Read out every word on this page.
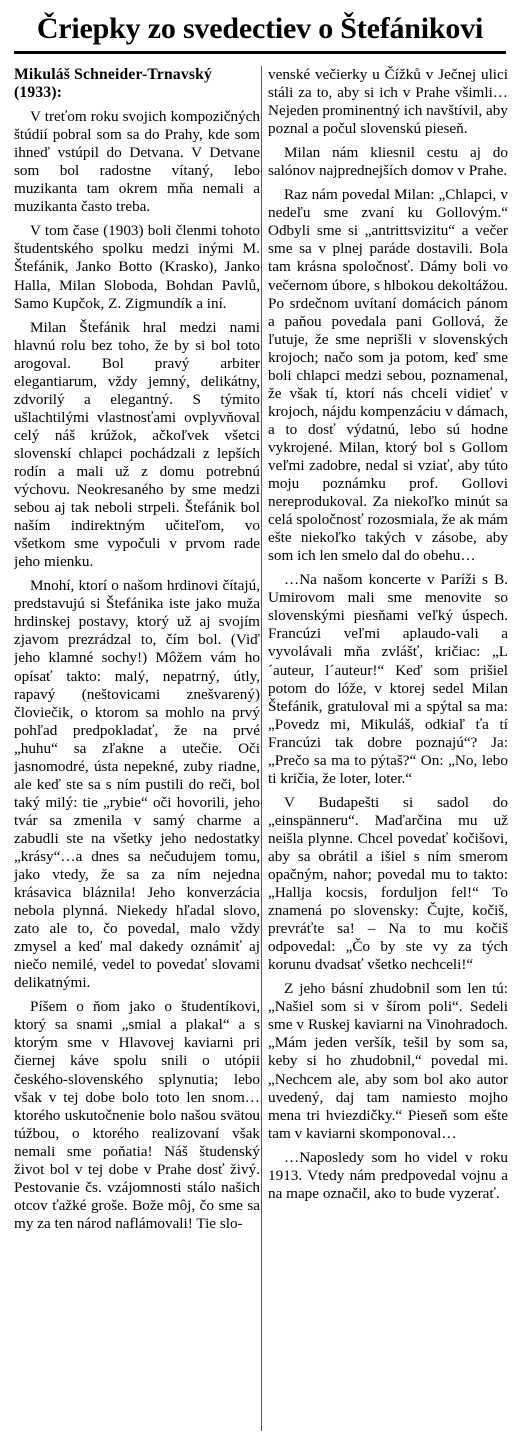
Čriepky zo svedectiev o Štefánikovi
Mikuláš Schneider-Trnavský (1933):

V treťom roku svojich kompozičných štúdií pobral som sa do Prahy, kde som ihneď vstúpil do Detvana. V Detvane som bol radostne vítaný, lebo muzikanta tam okrem mňa nemali a muzikanta často treba.

V tom čase (1903) boli členmi tohoto študentského spolku medzi inými M. Štefánik, Janko Botto (Krasko), Janko Halla, Milan Sloboda, Bohdan Pavlů, Samo Kupčok, Z. Zigmundík a iní.

Milan Štefánik hral medzi nami hlavnú rolu bez toho, že by si bol toto arogoval. Bol pravý arbiter elegantiarum, vždy jemný, delikátny, zdvorilý a elegantný. S týmito ušlachtilými vlastnosťami ovplyvňoval celý náš krúžok, ačkoľvek všetci slovenskí chlapci pochádzali z lepších rodín a mali už z domu potrebnú výchovu. Neokresaného by sme medzi sebou aj tak neboli strpeli. Štefánik bol naším indirektným učiteľom, vo všetkom sme vypočuli v prvom rade jeho mienku.

Mnohí, ktorí o našom hrdinovi čítajú, predstavujú si Štefánika iste jako muža hrdinskej postavy, ktorý už aj svojím zjavom prezrádzal to, čím bol. (Viď jeho klamné sochy!) Môžem vám ho opísať takto: malý, nepatrný, útly, rapavý (neštovicami znešvarený) človiečik, o ktorom sa mohlo na prvý pohľad predpokladať, že na prvé „huhu“ sa zľakne a utečie. Oči jasnomodré, ústa nepekné, zuby riadne, ale keď ste sa s ním pustili do reči, bol taký milý: tie „rybie“ oči hovorili, jeho tvár sa zmenila v samý charme a zabudli ste na všetky jeho nedostatky „krásy“…a dnes sa nečudujem tomu, jako vtedy, že sa za ním nejedna krásavica bláznila! Jeho konverzácia nebola plynná. Niekedy hľadal slovo, zato ale to, čo povedal, malo vždy zmysel a keď mal dakedy oznámiť aj niečo nemilé, vedel to povedať slovami delikatnými.

Píšem o ňom jako o študentíkovi, ktorý sa snami „smial a plakal“ a s ktorým sme v Hlavovej kaviarni pri čiernej káve spolu snili o utópii českého-slovenského splynutia; lebo však v tej dobe bolo toto len snom…ktorého uskutočnenie bolo našou svätou túžbou, o ktorého realizovaní však nemali sme poňatia! Náš študenský život bol v tej dobe v Prahe dosť živý. Pestovanie čs. vzájomnosti stálo našich otcov ťažké groše. Bože môj, čo sme sa my za ten národ naflámovali! Tie slo-

venské večierky u Čížků v Ječnej ulici stáli za to, aby si ich v Prahe všimli…Nejeden prominentný ich navštívil, aby poznal a počul slovenskú pieseň.

Milan nám kliesnil cestu aj do salónov najprednejších domov v Prahe.

Raz nám povedal Milan: „Chlapci, v nedeľu sme zvaní ku Gollovým.“ Odbyli sme si „antrittsvizitu“ a večer sme sa v plnej paráde dostavili. Bola tam krásna spoločnosť. Dámy boli vo večernom úbore, s hlbokou dekoltážou. Po srdečnom uvítaní domácich pánom a paňou povedala pani Gollová, že ľutuje, že sme neprišli v slovenských krojoch; načo som ja potom, keď sme boli chlapci medzi sebou, poznamenal, že však tí, ktorí nás chceli vidieť v krojoch, nájdu kompenzáciu v dámach, a to dosť výdatnú, lebo sú hodne vykrojené. Milan, ktorý bol s Gollom veľmi zadobre, nedal si vziať, aby túto moju poznámku prof. Gollovi nereprodukoval. Za niekoľko minút sa celá spoločnosť rozosmiala, že ak mám ešte niekoľko takých v zásobe, aby som ich len smelo dal do obehu…

…Na našom koncerte v Paríži s B. Umirovom mali sme menovite so slovenskými piesňami veľký úspech. Francúzi veľmi aplaudo-vali a vyvolávali mňa zvlášť, kričiac: „L´auteur, l´auteur!“ Keď som prišiel potom do lóže, v ktorej sedel Milan Štefánik, gratuloval mi a spýtal sa ma: „Povedz mi, Mikuláš, odkiaľ ťa tí Francúzi tak dobre poznajú“? Ja: „Prečo sa ma to pýtaš?“ On: „No, lebo ti kričia, že loter, loter.“

V Budapešti si sadol do „einspänneru“. Maďarčina mu už neišla plynne. Chcel povedať kočišovi, aby sa obrátil a išiel s ním smerom opačným, nahor; povedal mu to takto: „Hallja kocsis, forduljon fel!“ To znamená po slovensky: Čujte, kočiš, prevráťte sa! – Na to mu kočiš odpovedal: „Čo by ste vy za tých korunu dvadsať všetko nechceli!“

Z jeho básní zhudobnil som len tú: „Našiel som si v šírom poli“. Sedeli sme v Ruskej kaviarni na Vinohradoch. „Mám jeden veršík, tešil by som sa, keby si ho zhudobnil,“ povedal mi. „Nechcem ale, aby som bol ako autor uvedený, daj tam namiesto mojho mena tri hviezdičky.“ Pieseň som ešte tam v kaviarni skomponoval…

…Naposledy som ho videl v roku 1913. Vtedy nám predpovedal vojnu a na mape označil, ako to bude vyzerať.
